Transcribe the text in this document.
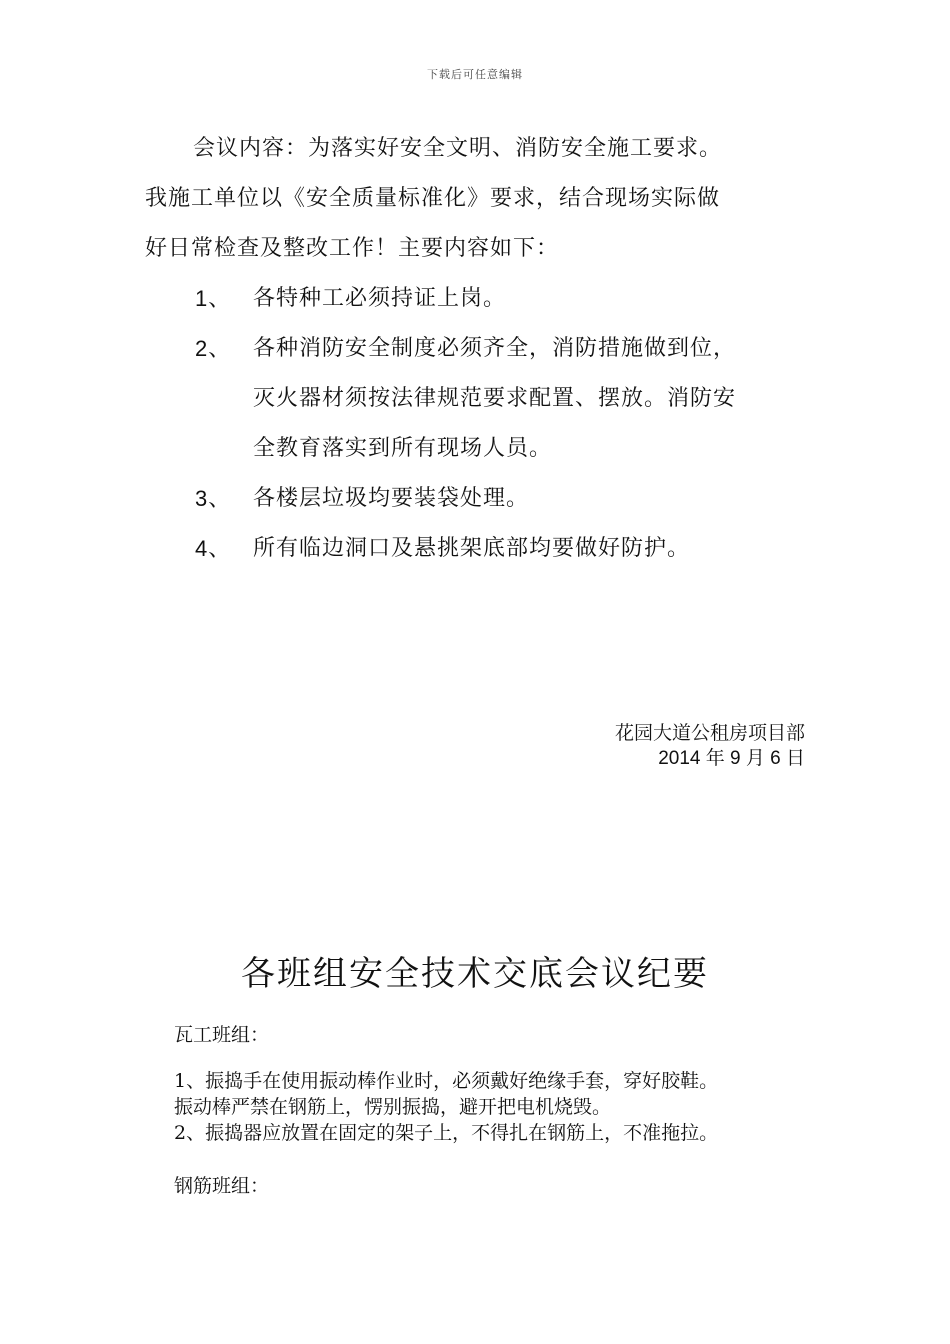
下载后可任意编辑
会议内容：为落实好安全文明、消防安全施工要求。
我施工单位以《安全质量标准化》要求，结合现场实际做
好日常检查及整改工作！主要内容如下：
1、 各特种工必须持证上岗。
2、 各种消防安全制度必须齐全，消防措施做到位，
灭火器材须按法律规范要求配置、摆放。消防安
全教育落实到所有现场人员。
3、 各楼层垃圾均要装袋处理。
4、 所有临边洞口及悬挑架底部均要做好防护。
花园大道公租房项目部
2014 年 9 月 6 日
各班组安全技术交底会议纪要
瓦工班组：
1、振捣手在使用振动棒作业时，必须戴好绝缘手套，穿好胶鞋。
振动棒严禁在钢筋上，愣别振捣，避开把电机烧毁。
2、振捣器应放置在固定的架子上，不得扎在钢筋上，不准拖拉。
钢筋班组：
